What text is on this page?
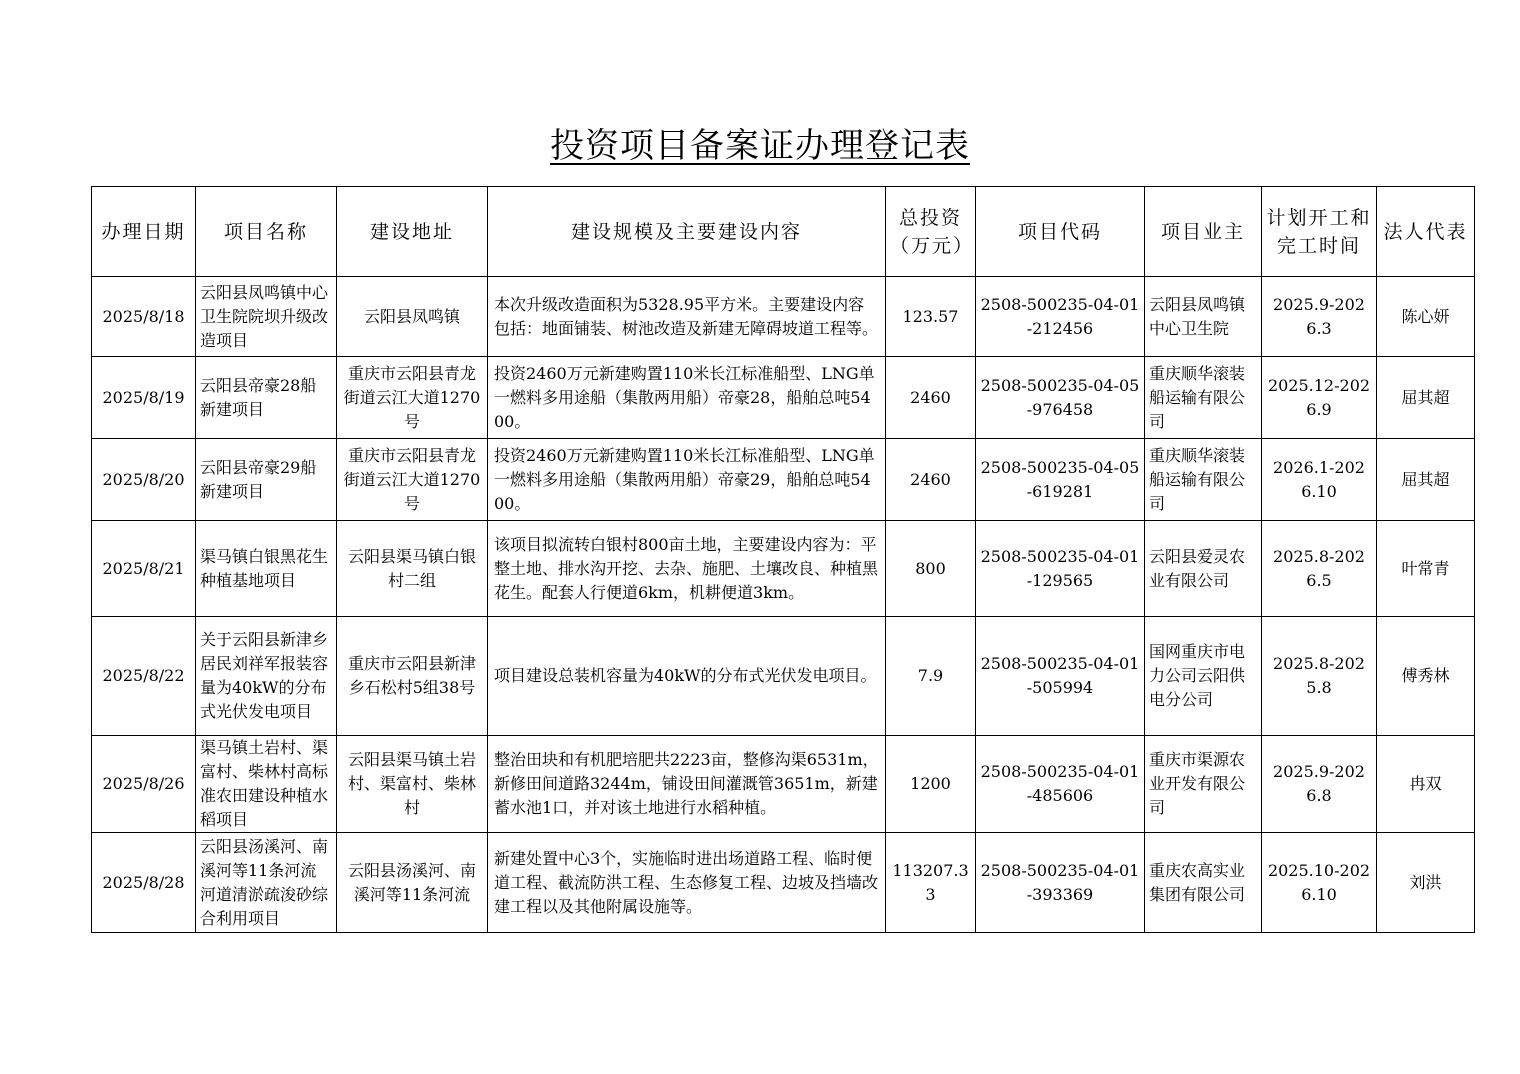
投资项目备案证办理登记表
办理日期	项目名称	建设地址	建设规模及主要建设内容	总投资（万元）	项目代码	项目业主	计划开工和完工时间	法人代表
2025/8/18	云阳县凤鸣镇中心卫生院院坝升级改造项目	云阳县凤鸣镇	本次升级改造面积为5328.95平方米。主要建设内容包括：地面铺装、树池改造及新建无障碍坡道工程等。	123.57	2508-500235-04-01-212456	云阳县凤鸣镇中心卫生院	2025.9-2026.3	陈心妍
2025/8/19	云阳县帝豪28船新建项目	重庆市云阳县青龙街道云江大道1270号	投资2460万元新建购置110米长江标准船型、LNG单一燃料多用途船（集散两用船）帝豪28，船舶总吨5400。	2460	2508-500235-04-05-976458	重庆顺华滚装船运输有限公司	2025.12-2026.9	屈其超
2025/8/20	云阳县帝豪29船新建项目	重庆市云阳县青龙街道云江大道1270号	投资2460万元新建购置110米长江标准船型、LNG单一燃料多用途船（集散两用船）帝豪29，船舶总吨5400。	2460	2508-500235-04-05-619281	重庆顺华滚装船运输有限公司	2026.1-2026.10	屈其超
2025/8/21	渠马镇白银黑花生种植基地项目	云阳县渠马镇白银村二组	该项目拟流转白银村800亩土地，主要建设内容为：平整土地、排水沟开挖、去杂、施肥、土壤改良、种植黑花生。配套人行便道6km，机耕便道3km。	800	2508-500235-04-01-129565	云阳县爱灵农业有限公司	2025.8-2026.5	叶常青
2025/8/22	关于云阳县新津乡居民刘祥军报装容量为40kW的分布式光伏发电项目	重庆市云阳县新津乡石松村5组38号	项目建设总装机容量为40kW的分布式光伏发电项目。	7.9	2508-500235-04-01-505994	国网重庆市电力公司云阳供电分公司	2025.8-2025.8	傅秀林
2025/8/26	渠马镇土岩村、渠富村、柴林村高标准农田建设种植水稻项目	云阳县渠马镇土岩村、渠富村、柴林村	整治田块和有机肥培肥共2223亩，整修沟渠6531m，新修田间道路3244m，铺设田间灌溉管3651m，新建蓄水池1口，并对该土地进行水稻种植。	1200	2508-500235-04-01-485606	重庆市渠源农业开发有限公司	2025.9-2026.8	冉双
2025/8/28	云阳县汤溪河、南溪河等11条河流河道清淤疏浚砂综合利用项目	云阳县汤溪河、南溪河等11条河流	新建处置中心3个，实施临时进出场道路工程、临时便道工程、截流防洪工程、生态修复工程、边坡及挡墙改建工程以及其他附属设施等。	113207.33	2508-500235-04-01-393369	重庆农高实业集团有限公司	2025.10-2026.10	刘洪
